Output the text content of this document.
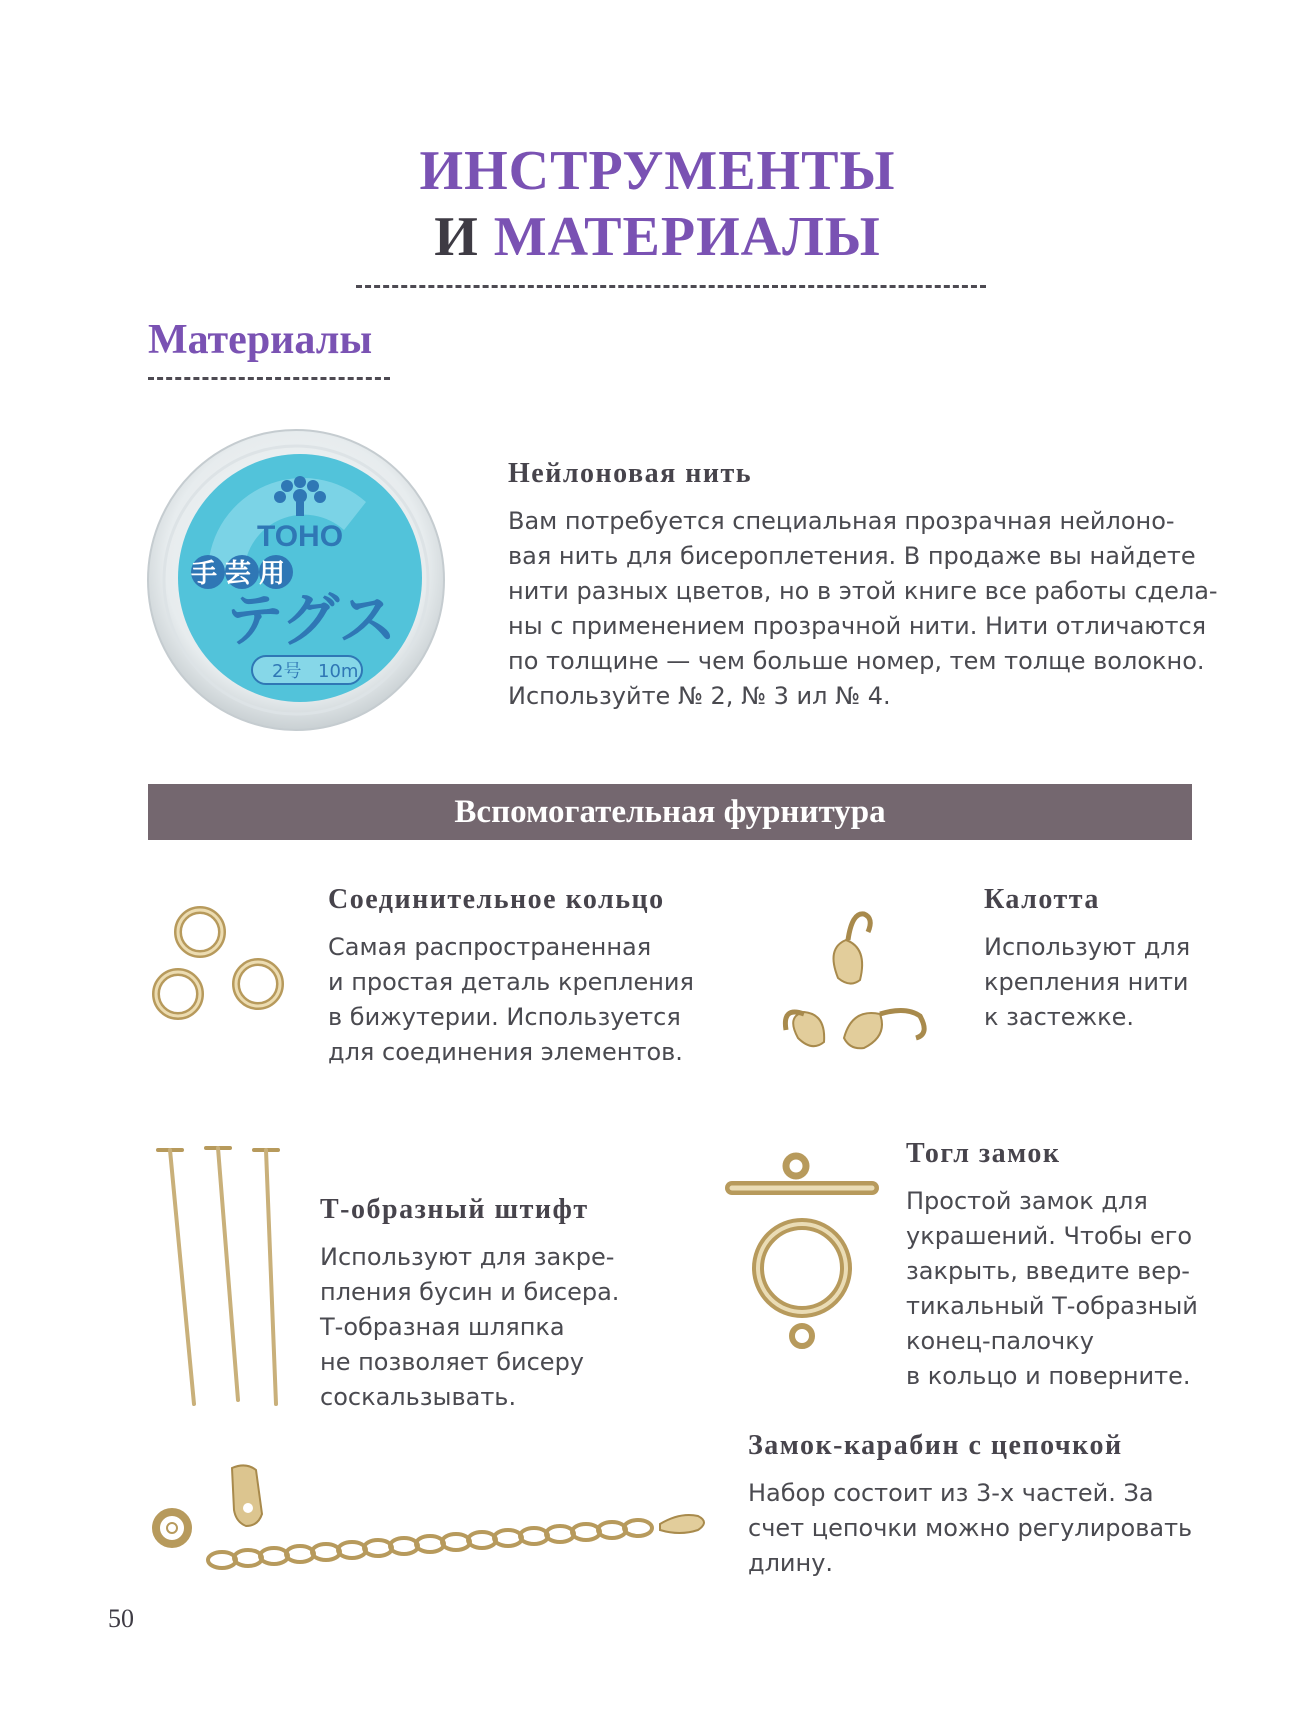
ИНСТРУМЕНТЫ
И МАТЕРИАЛЫ
Материалы
TOHO
手芸用
テグス
2号 10m
Нейлоновая нить
Вам потребуется специальная прозрачная нейлоно-
вая нить для бисероплетения. В продаже вы найдете
нити разных цветов, но в этой книге все работы сдела-
ны с применением прозрачной нити. Нити отличаются
по толщине — чем больше номер, тем толще волокно.
Используйте № 2, № 3 ил № 4.
Вспомогательная фурнитура
Соединительное кольцо
Самая распространенная
и простая деталь крепления
в бижутерии. Используется
для соединения элементов.
Калотта
Используют для
крепления нити
к застежке.
Т-образный штифт
Используют для закре-
пления бусин и бисера.
Т-образная шляпка
не позволяет бисеру
соскальзывать.
Тогл замок
Простой замок для
украшений. Чтобы его
закрыть, введите вер-
тикальный Т-образный
конец-палочку
в кольцо и поверните.
Замок-карабин с цепочкой
Набор состоит из 3-х частей. За
счет цепочки можно регулировать
длину.
50
